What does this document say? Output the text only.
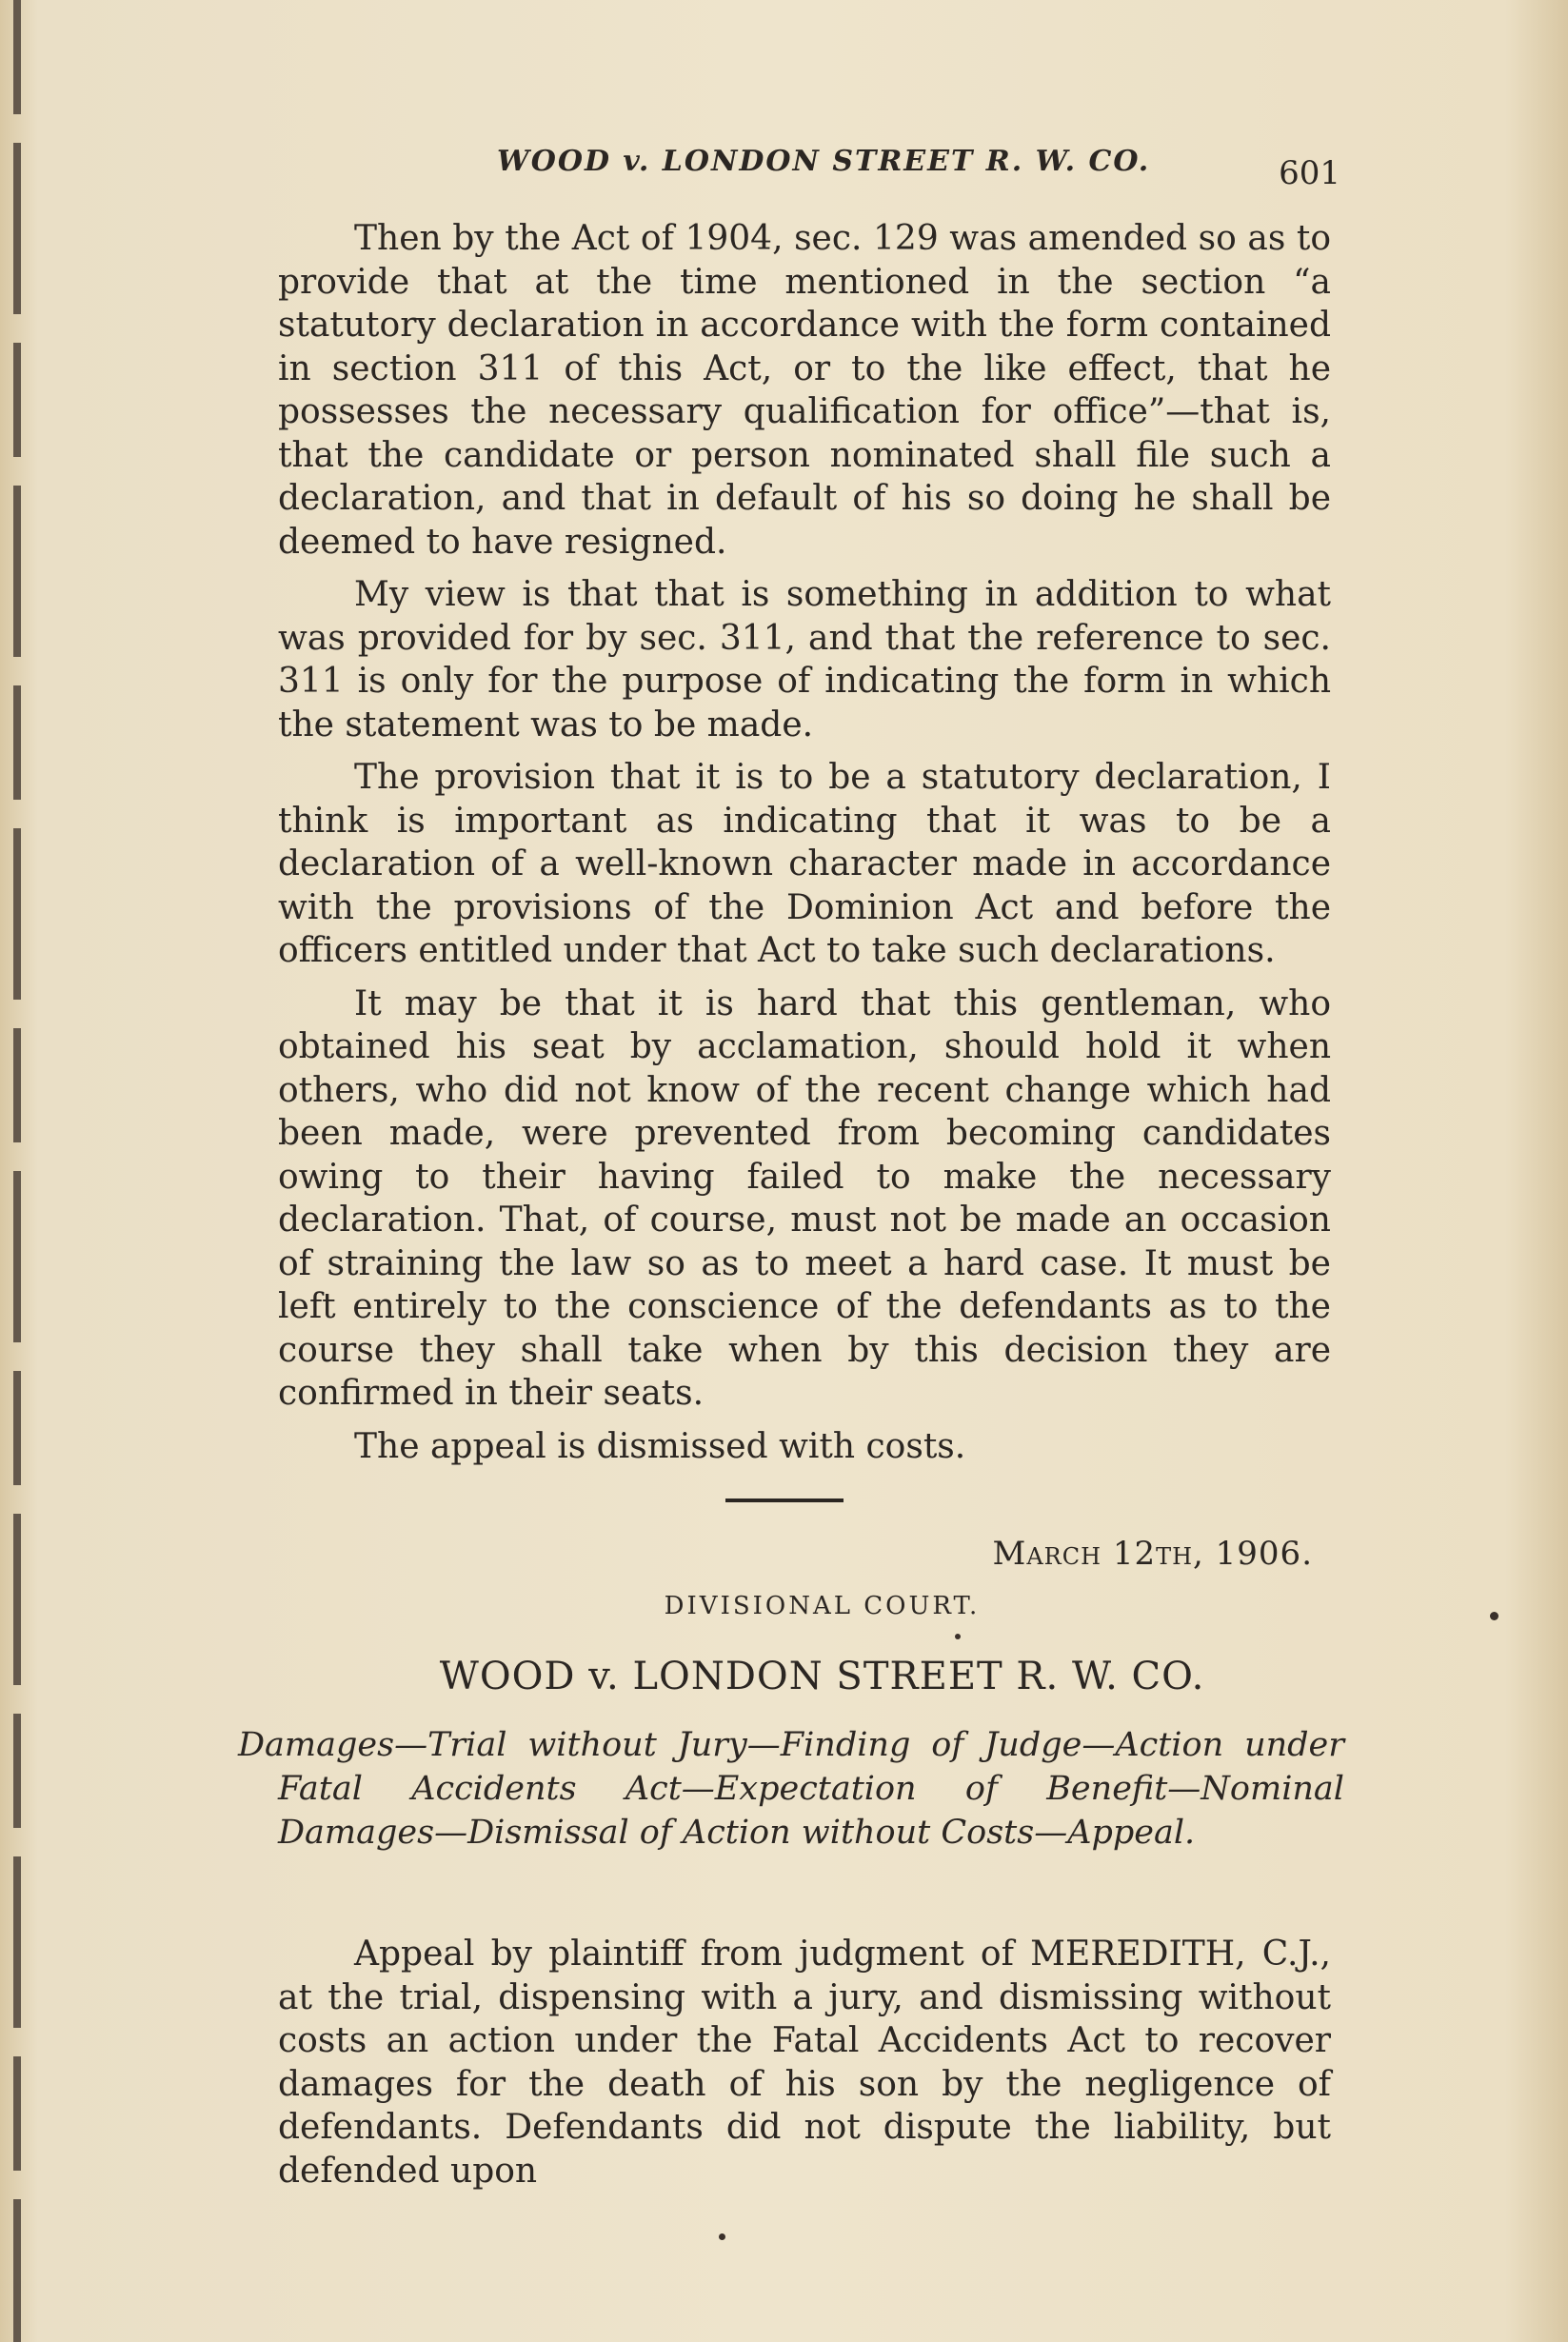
WOOD v. LONDON STREET R. W. CO.	601

Then by the Act of 1904, sec. 129 was amended so as to provide that at the time mentioned in the section “a statutory declaration in accordance with the form contained in section 311 of this Act, or to the like effect, that he possesses the necessary qualification for office”—that is, that the candidate or person nominated shall file such a declaration, and that in default of his so doing he shall be deemed to have resigned.

My view is that that is something in addition to what was provided for by sec. 311, and that the reference to sec. 311 is only for the purpose of indicating the form in which the statement was to be made.

The provision that it is to be a statutory declaration, I think is important as indicating that it was to be a declaration of a well-known character made in accordance with the provisions of the Dominion Act and before the officers entitled under that Act to take such declarations.

It may be that it is hard that this gentleman, who obtained his seat by acclamation, should hold it when others, who did not know of the recent change which had been made, were prevented from becoming candidates owing to their having failed to make the necessary declaration. That, of course, must not be made an occasion of straining the law so as to meet a hard case. It must be left entirely to the conscience of the defendants as to the course they shall take when by this decision they are confirmed in their seats.

The appeal is dismissed with costs.

March 12th, 1906.
DIVISIONAL COURT.
WOOD v. LONDON STREET R. W. CO.
Damages—Trial without Jury—Finding of Judge—Action under Fatal Accidents Act—Expectation of Benefit—Nominal Damages—Dismissal of Action without Costs—Appeal.

Appeal by plaintiff from judgment of MEREDITH, C.J., at the trial, dispensing with a jury, and dismissing without costs an action under the Fatal Accidents Act to recover damages for the death of his son by the negligence of defendants. Defendants did not dispute the liability, but defended upon
